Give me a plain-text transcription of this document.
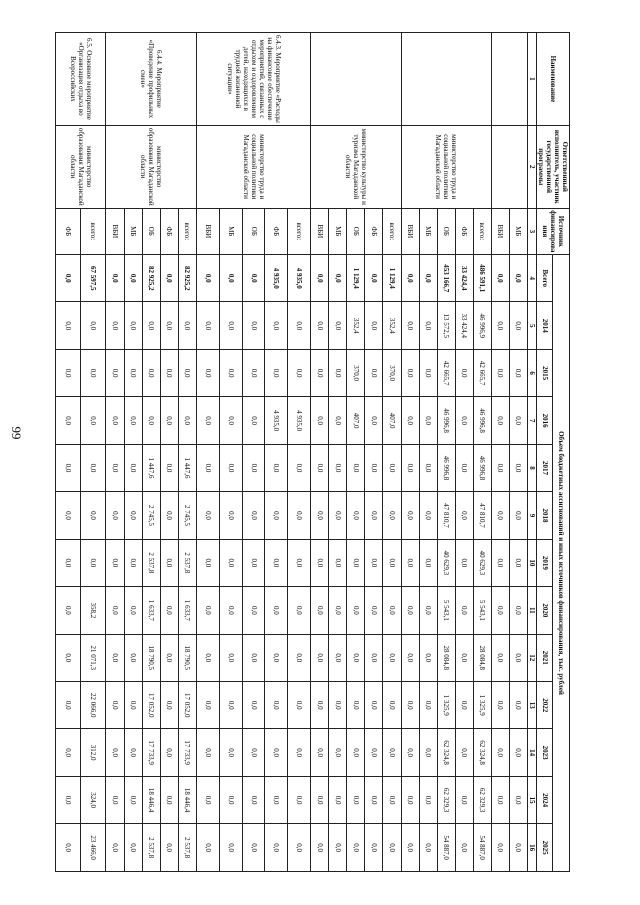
99
Наименование	Ответственный исполнитель, участник государственной программы	Источник финансирования	Объем бюджетных ассигнований и иных источников финансирования, тыс. рублей												
			Всего	2014	2015	2016	2017	2018	2019	2020	2021	2022	2023	2024	2025
1	2	3	4	5	6	7	8	9	10	11	12	13	14	15	16
		МБ	0,0	0,0	0,0	0,0	0,0	0,0	0,0	0,0	0,0	0,0	0,0	0,0	0,0
		ВБИ	0,0	0,0	0,0	0,0	0,0	0,0	0,0	0,0	0,0	0,0	0,0	0,0	0,0
	министерство труда и социальной политики Магаданской области	всего:	486 591,1	46 996,9	42 665,7	46 996,8	46 996,8	47 810,7	40 629,3	5 543,1	28 084,8	1 325,9	62 324,8	62 329,3	54 887,0
		ФБ	33 424,4	33 424,4	0,0	0,0	0,0	0,0	0,0	0,0	0,0	0,0	0,0	0,0	0,0
		ОБ	453 166,7	13 572,5	42 665,7	46 996,8	46 996,8	47 810,7	40 629,3	5 543,1	28 084,8	1 325,9	62 324,8	62 329,3	54 887,0
		МБ	0,0	0,0	0,0	0,0	0,0	0,0	0,0	0,0	0,0	0,0	0,0	0,0	0,0
		ВБИ	0,0	0,0	0,0	0,0	0,0	0,0	0,0	0,0	0,0	0,0	0,0	0,0	0,0
	министерство культуры и туризма Магаданской области	всего:	1 129,4	352,4	370,0	407,0	0,0	0,0	0,0	0,0	0,0	0,0	0,0	0,0	0,0
		ФБ	0,0	0,0	0,0	0,0	0,0	0,0	0,0	0,0	0,0	0,0	0,0	0,0	0,0
		ОБ	1 129,4	352,4	370,0	407,0	0,0	0,0	0,0	0,0	0,0	0,0	0,0	0,0	0,0
		МБ	0,0	0,0	0,0	0,0	0,0	0,0	0,0	0,0	0,0	0,0	0,0	0,0	0,0
		ВБИ	0,0	0,0	0,0	0,0	0,0	0,0	0,0	0,0	0,0	0,0	0,0	0,0	0,0
6.4.3. Мероприятие «Расходы на финансовое обеспечение мероприятий, связанных с отдыхом и оздоровлением детей, находящихся в трудной жизненной ситуации»	министерство труда и социальной политики Магаданской области	всего:	4 935,0	0,0	0,0	4 935,0	0,0	0,0	0,0	0,0	0,0	0,0	0,0	0,0	0,0
		ФБ	4 935,0	0,0	0,0	4 935,0	0,0	0,0	0,0	0,0	0,0	0,0	0,0	0,0	0,0
		ОБ	0,0	0,0	0,0	0,0	0,0	0,0	0,0	0,0	0,0	0,0	0,0	0,0	0,0
		МБ	0,0	0,0	0,0	0,0	0,0	0,0	0,0	0,0	0,0	0,0	0,0	0,0	0,0
		ВБИ	0,0	0,0	0,0	0,0	0,0	0,0	0,0	0,0	0,0	0,0	0,0	0,0	0,0
6.4.4. Мероприятие «Проведение профильных смен»	министерство образования Магаданской области	всего:	82 925,2	0,0	0,0	0,0	1 447,6	2 745,5	2 537,8	1 633,7	18 790,5	17 052,0	17 733,9	18 446,4	2 537,8
		ФБ	0,0	0,0	0,0	0,0	0,0	0,0	0,0	0,0	0,0	0,0	0,0	0,0	0,0
		ОБ	82 925,2	0,0	0,0	0,0	1 447,6	2 745,5	2 537,8	1 633,7	18 790,5	17 052,0	17 733,9	18 446,4	2 537,8
		МБ	0,0	0,0	0,0	0,0	0,0	0,0	0,0	0,0	0,0	0,0	0,0	0,0	0,0
		ВБИ	0,0	0,0	0,0	0,0	0,0	0,0	0,0	0,0	0,0	0,0	0,0	0,0	0,0
6.5. Основное мероприятие «Организация отдыха во Всероссийских	министерство образования Магаданской области	всего:	67 597,5	0,0	0,0	0,0	0,0	0,0	0,0	358,2	21 071,3	22 066,0	312,0	324,0	23 466,0
		ФБ	0,0	0,0	0,0	0,0	0,0	0,0	0,0	0,0	0,0	0,0	0,0	0,0	0,0
